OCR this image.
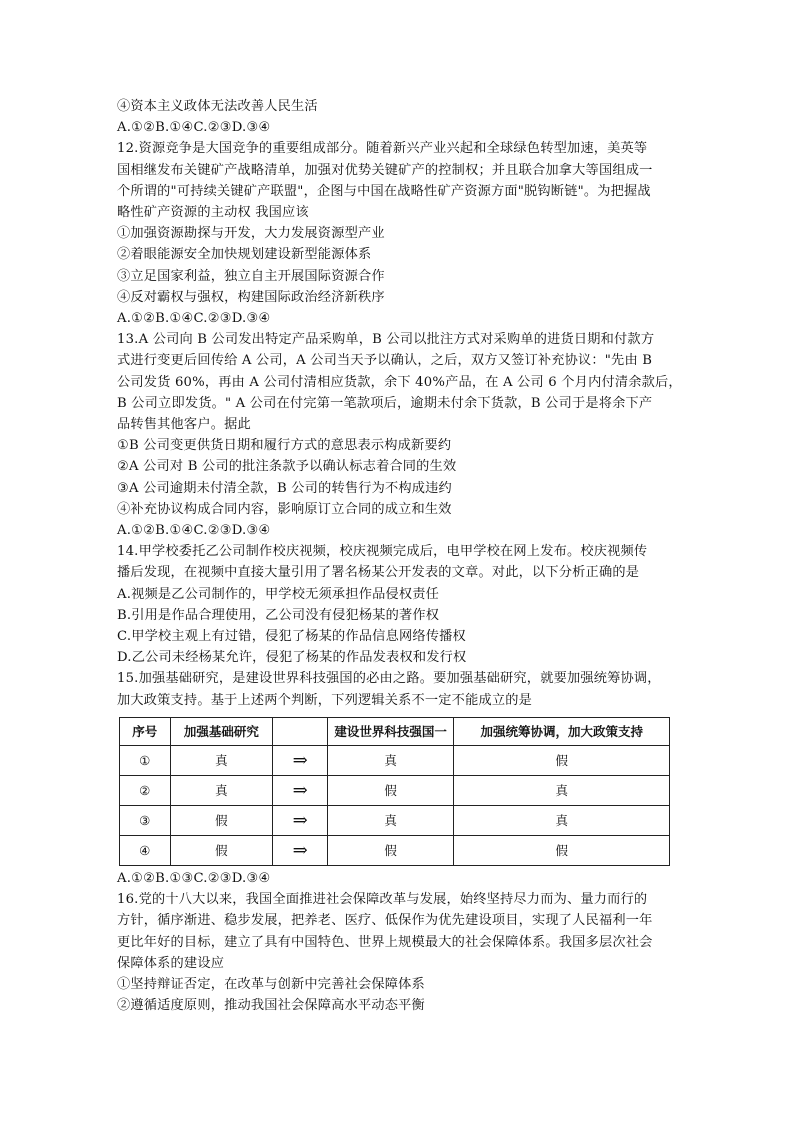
④资本主义政体无法改善人民生活
A.①②B.①④C.②③D.③④
12.资源竞争是大国竞争的重要组成部分。随着新兴产业兴起和全球绿色转型加速，美英等
国相继发布关键矿产战略清单，加强对优势关键矿产的控制权；并且联合加拿大等国组成一
个所谓的"可持续关键矿产联盟"，企图与中国在战略性矿产资源方面"脱钩断链"。为把握战
略性矿产资源的主动权 我国应该
①加强资源勘探与开发，大力发展资源型产业
②着眼能源安全加快规划建设新型能源体系
③立足国家利益，独立自主开展国际资源合作
④反对霸权与强权，构建国际政治经济新秩序
A.①②B.①④C.②③D.③④
13.A 公司向 B 公司发出特定产品采购单，B 公司以批注方式对采购单的进货日期和付款方
式进行变更后回传给 A 公司，A 公司当天予以确认，之后，双方又签订补充协议："先由 B
公司发货 60%，再由 A 公司付清相应货款，余下 40%产品，在 A 公司 6 个月内付清余款后，
B 公司立即发货。" A 公司在付完第一笔款项后，逾期未付余下货款，B 公司于是将余下产
品转售其他客户。据此
①B 公司变更供货日期和履行方式的意思表示构成新要约
②A 公司对 B 公司的批注条款予以确认标志着合同的生效
③A 公司逾期未付清全款，B 公司的转售行为不构成违约
④补充协议构成合同内容，影响原订立合同的成立和生效
A.①②B.①④C.②③D.③④
14.甲学校委托乙公司制作校庆视频，校庆视频完成后，电甲学校在网上发布。校庆视频传
播后发现，在视频中直接大量引用了署名杨某公开发表的文章。对此，以下分析正确的是
A.视频是乙公司制作的，甲学校无须承担作品侵权责任
B.引用是作品合理使用，乙公司没有侵犯杨某的著作权
C.甲学校主观上有过错，侵犯了杨某的作品信息网络传播权
D.乙公司未经杨某允许，侵犯了杨某的作品发表权和发行权
15.加强基础研究，是建设世界科技强国的必由之路。要加强基础研究，就要加强统筹协调，
加大政策支持。基于上述两个判断，下列逻辑关系不一定不能成立的是
序号	加强基础研究		建设世界科技强国一	加强统筹协调，加大政策支持
①	真	⇒	真	假
②	真	⇒	假	真
③	假	⇒	真	真
④	假	⇒	假	假
A.①②B.①③C.②③D.③④
16.党的十八大以来，我国全面推进社会保障改革与发展，始终坚持尽力而为、量力而行的
方针，循序渐进、稳步发展，把养老、医疗、低保作为优先建设项目，实现了人民福利一年
更比年好的目标，建立了具有中国特色、世界上规模最大的社会保障体系。我国多层次社会
保障体系的建设应
①坚持辩证否定，在改革与创新中完善社会保障体系
②遵循适度原则，推动我国社会保障高水平动态平衡
